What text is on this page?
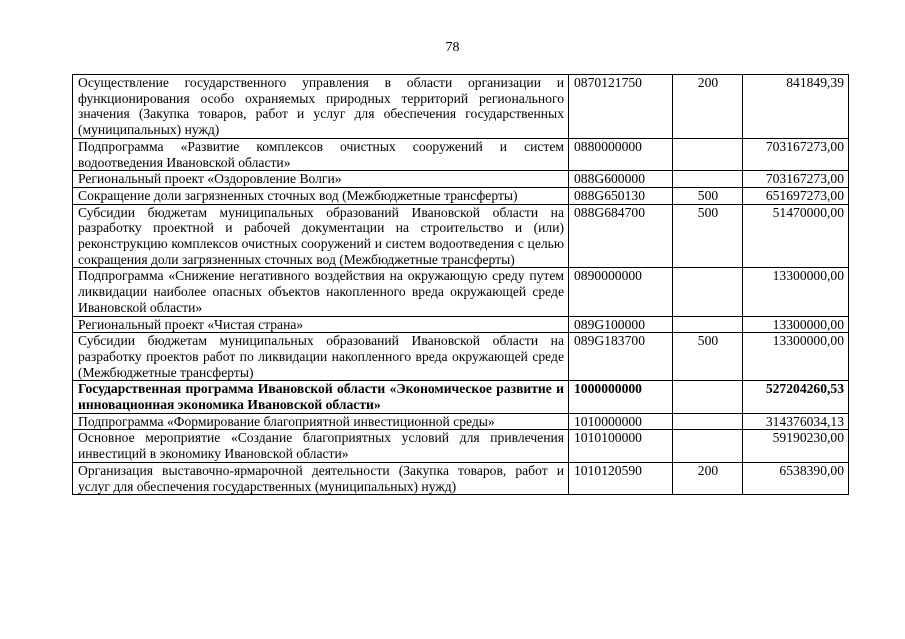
78
Осуществление государственного управления в области организации и функционирования особо охраняемых природных территорий регионального значения (Закупка товаров, работ и услуг для обеспечения государственных (муниципальных) нужд)	0870121750	200	841849,39
Подпрограмма «Развитие комплексов очистных сооружений и систем водоотведения Ивановской области»	0880000000		703167273,00
Региональный проект «Оздоровление Волги»	088G600000		703167273,00
Сокращение доли загрязненных сточных вод (Межбюджетные трансферты)	088G650130	500	651697273,00
Субсидии бюджетам муниципальных образований Ивановской области на разработку проектной и рабочей документации на строительство и (или) реконструкцию комплексов очистных сооружений и систем водоотведения с целью сокращения доли загрязненных сточных вод (Межбюджетные трансферты)	088G684700	500	51470000,00
Подпрограмма «Снижение негативного воздействия на окружающую среду путем ликвидации наиболее опасных объектов накопленного вреда окружающей среде Ивановской области»	0890000000		13300000,00
Региональный проект «Чистая страна»	089G100000		13300000,00
Субсидии бюджетам муниципальных образований Ивановской области на разработку проектов работ по ликвидации накопленного вреда окружающей среде (Межбюджетные трансферты)	089G183700	500	13300000,00
Государственная программа Ивановской области «Экономическое развитие и инновационная экономика Ивановской области»	1000000000		527204260,53
Подпрограмма «Формирование благоприятной инвестиционной среды»	1010000000		314376034,13
Основное мероприятие «Создание благоприятных условий для привлечения инвестиций в экономику Ивановской области»	1010100000		59190230,00
Организация выставочно-ярмарочной деятельности (Закупка товаров, работ и услуг для обеспечения государственных (муниципальных) нужд)	1010120590	200	6538390,00
